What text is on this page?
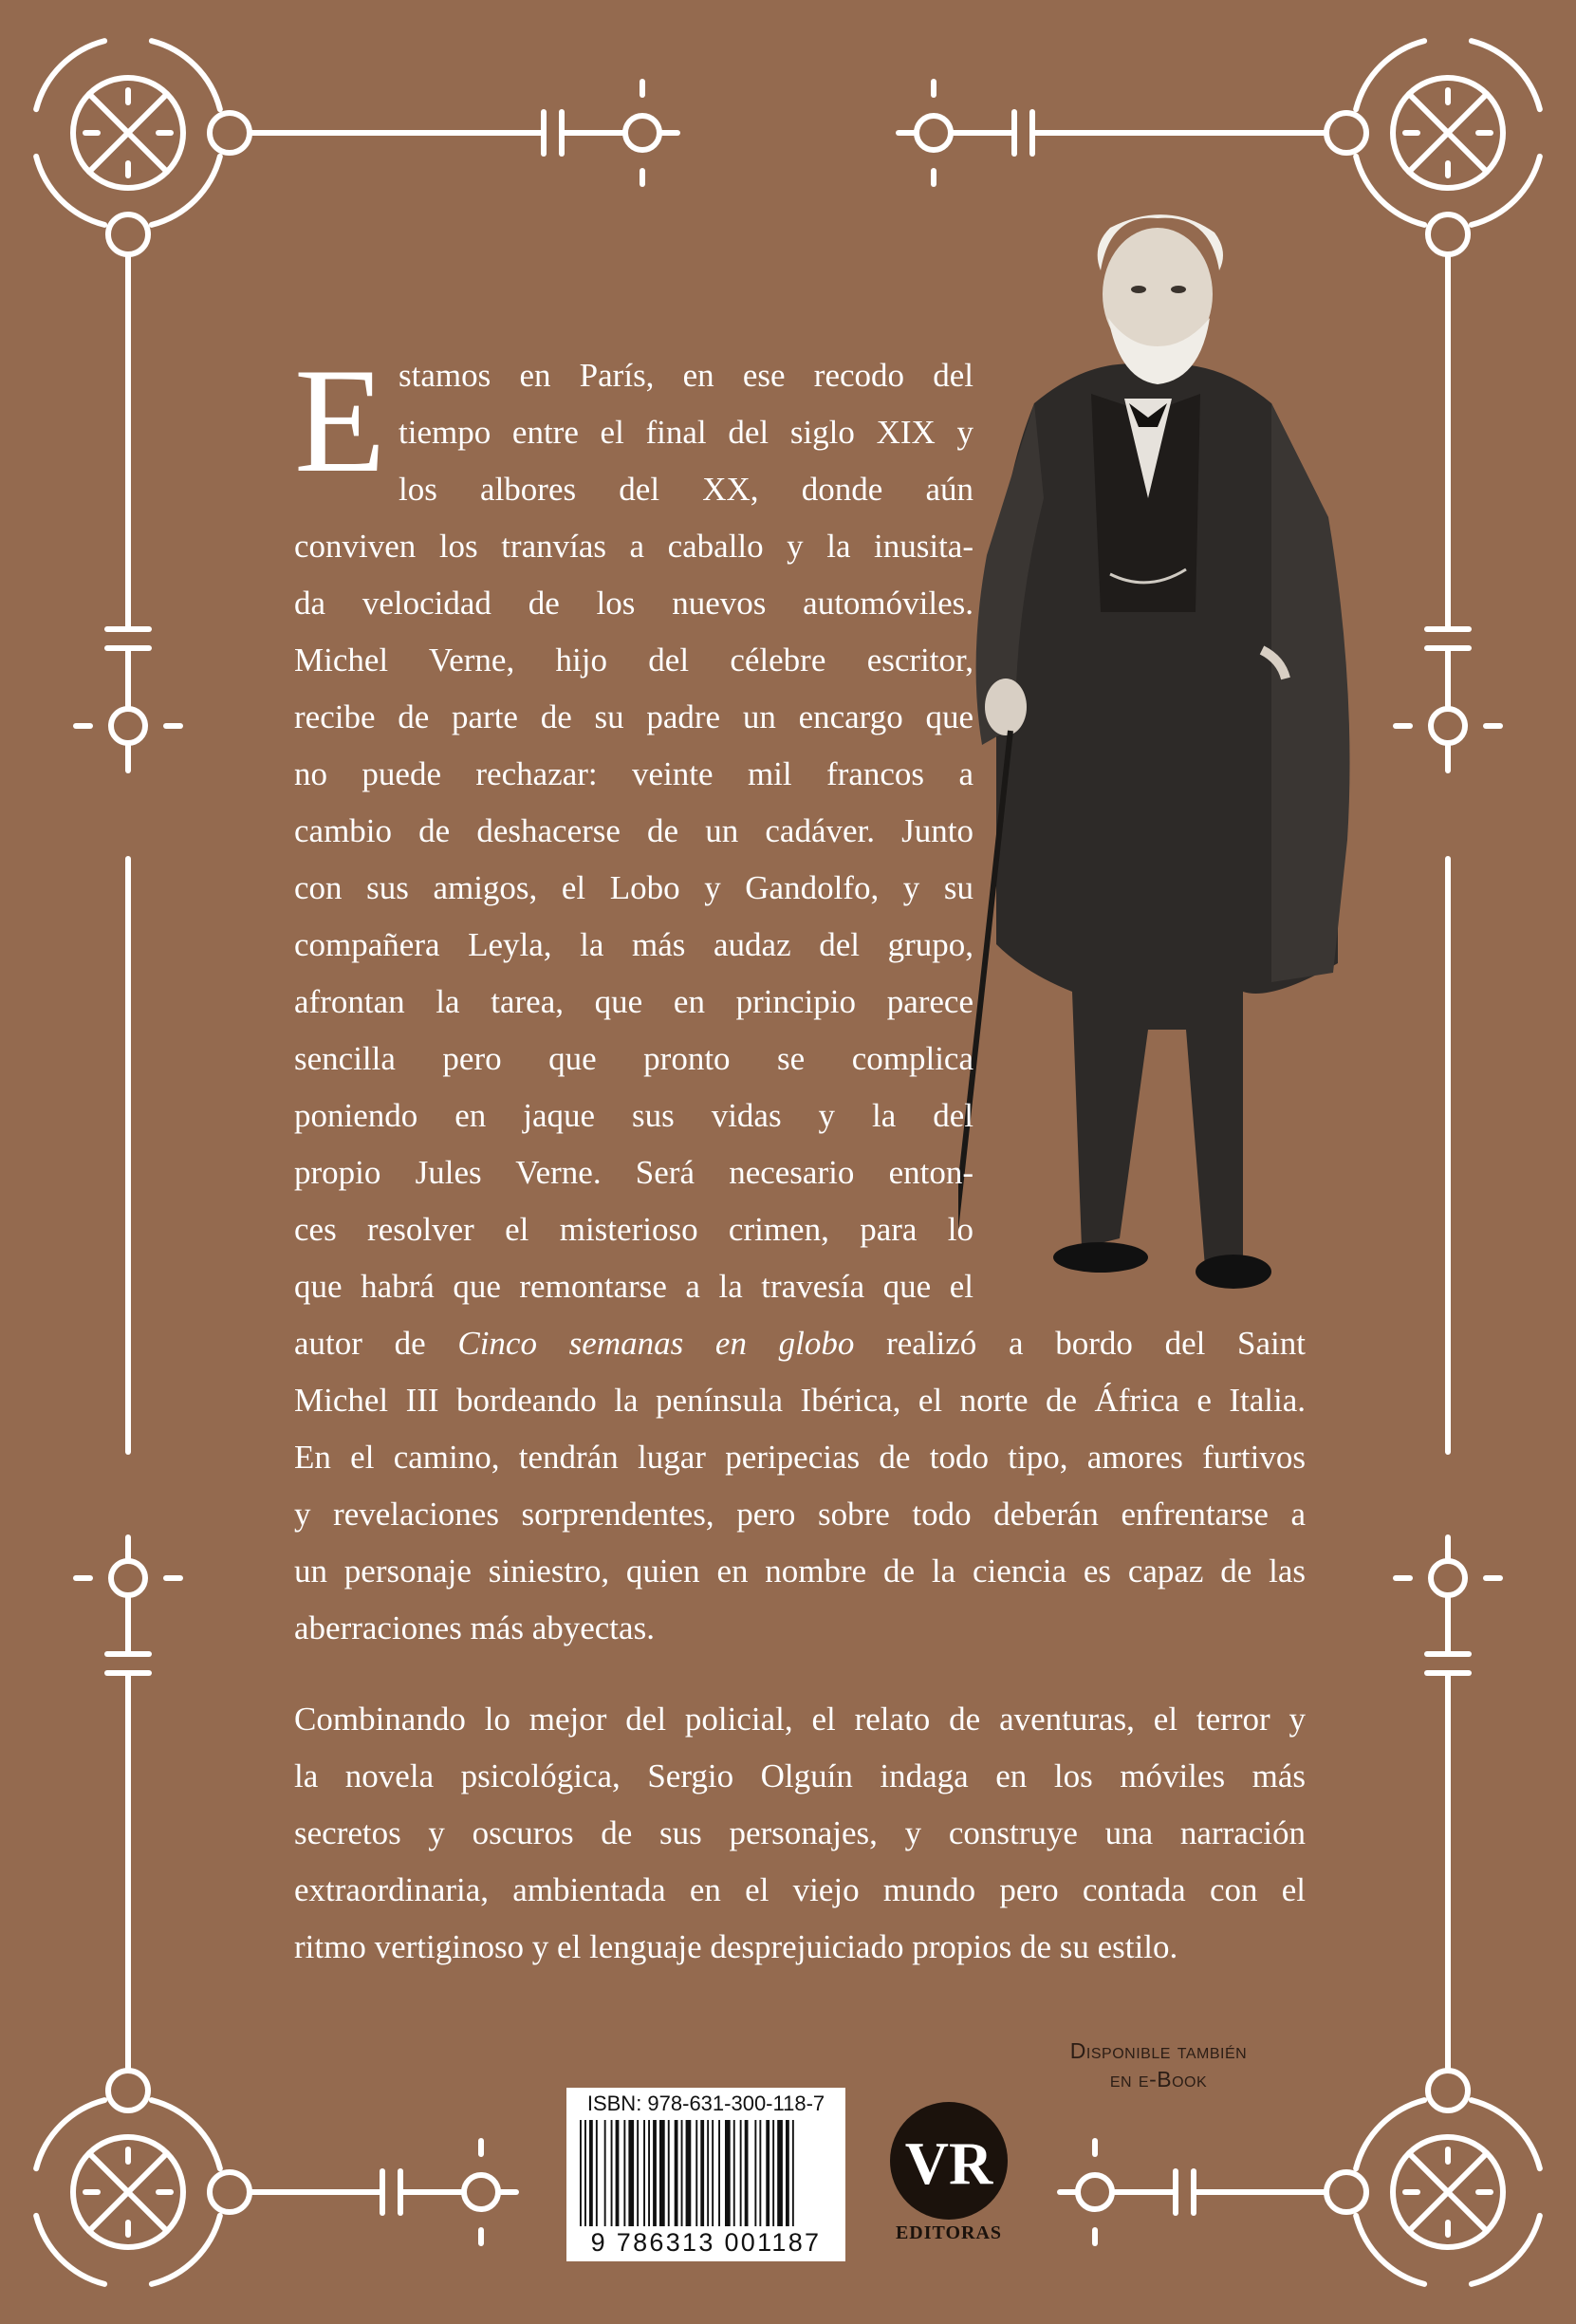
E stamos en París, en ese recodo del
tiempo entre el final del siglo XIX y
los albores del XX, donde aún
conviven los tranvías a caballo y la inusita-
da velocidad de los nuevos automóviles.
Michel Verne, hijo del célebre escritor,
recibe de parte de su padre un encargo que
no puede rechazar: veinte mil francos a
cambio de deshacerse de un cadáver. Junto
con sus amigos, el Lobo y Gandolfo, y su
compañera Leyla, la más audaz del grupo,
afrontan la tarea, que en principio parece
sencilla pero que pronto se complica
poniendo en jaque sus vidas y la del
propio Jules Verne. Será necesario enton-
ces resolver el misterioso crimen, para lo
que habrá que remontarse a la travesía que el
autor de Cinco semanas en globo realizó a bordo del Saint
Michel III bordeando la península Ibérica, el norte de África e Italia.
En el camino, tendrán lugar peripecias de todo tipo, amores furtivos
y revelaciones sorprendentes, pero sobre todo deberán enfrentarse a
un personaje siniestro, quien en nombre de la ciencia es capaz de las
aberraciones más abyectas.
Combinando lo mejor del policial, el relato de aventuras, el terror y
la novela psicológica, Sergio Olguín indaga en los móviles más
secretos y oscuros de sus personajes, y construye una narración
extraordinaria, ambientada en el viejo mundo pero contada con el
ritmo vertiginoso y el lenguaje desprejuiciado propios de su estilo.
Disponible también
en e-Book
ISBN: 978-631-300-118-7
9 786313 001187
VR
EDITORAS
